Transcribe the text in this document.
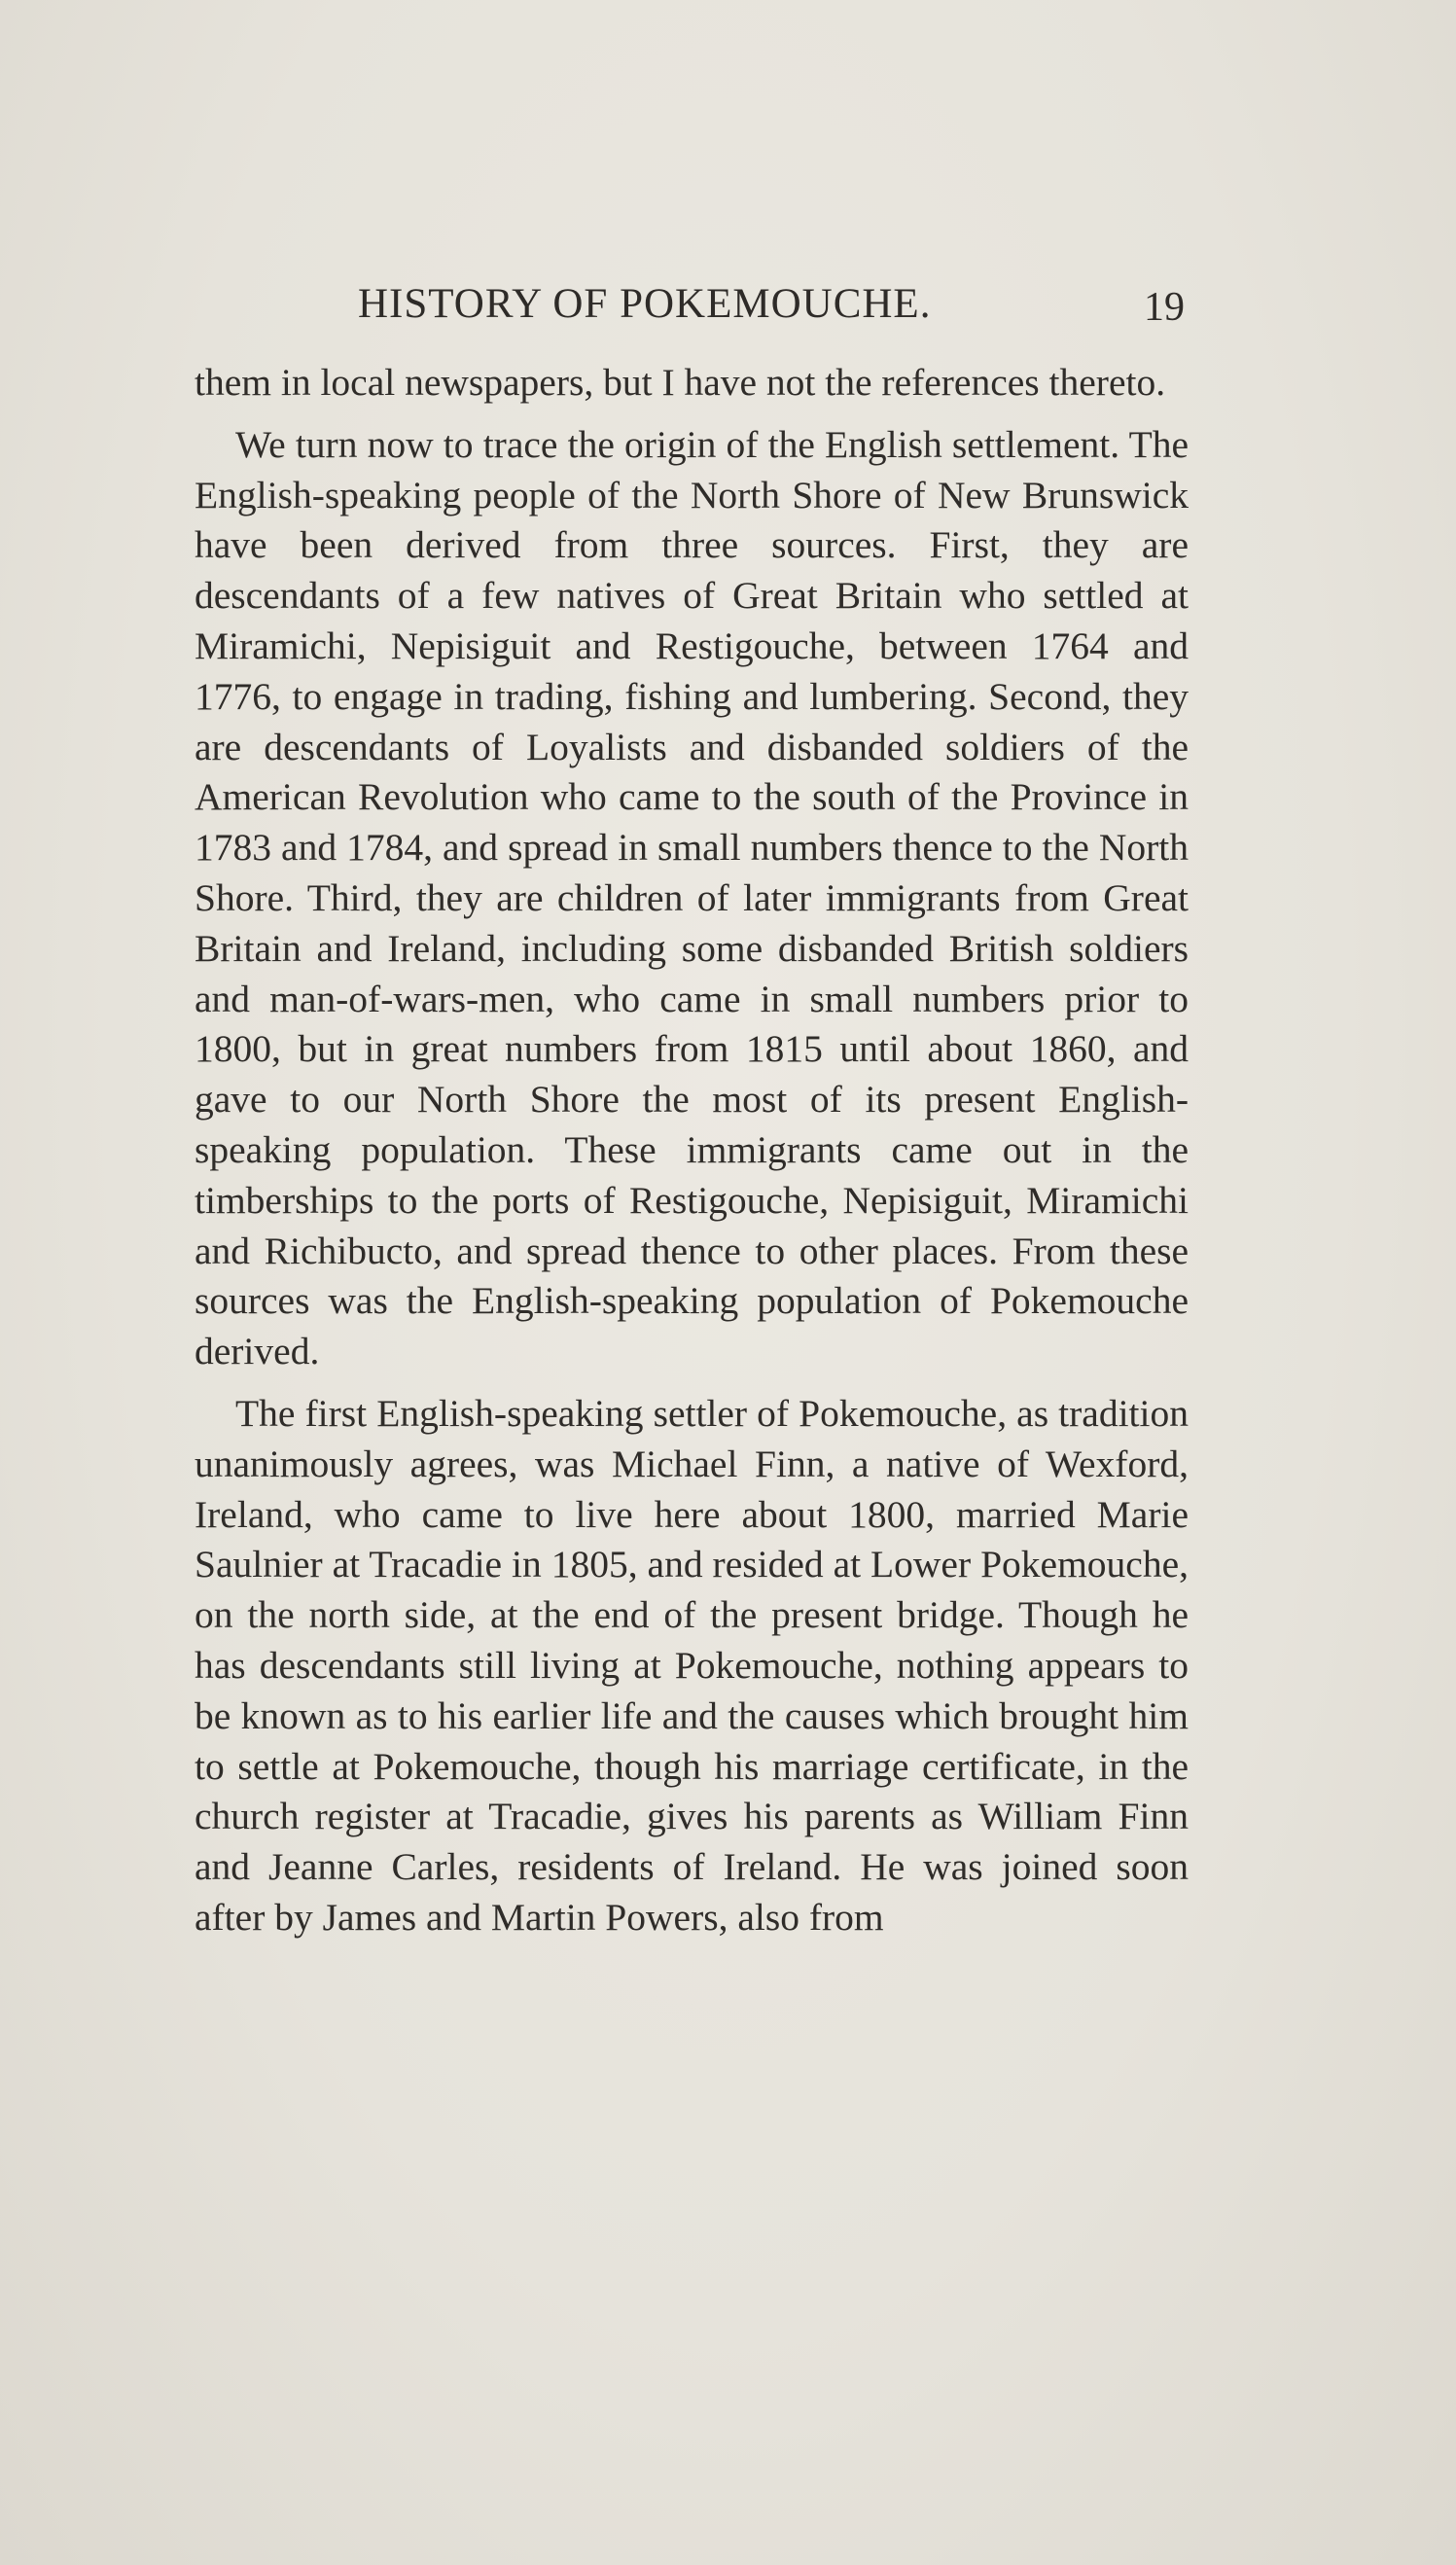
HISTORY OF POKEMOUCHE.	19

them in local newspapers, but I have not the references thereto.

We turn now to trace the origin of the English settlement. The English-speaking people of the North Shore of New Brunswick have been derived from three sources. First, they are descendants of a few natives of Great Britain who settled at Miramichi, Nepisiguit and Restigouche, between 1764 and 1776, to engage in trading, fishing and lumbering. Second, they are descendants of Loyalists and disbanded soldiers of the American Revolution who came to the south of the Province in 1783 and 1784, and spread in small numbers thence to the North Shore. Third, they are children of later immigrants from Great Britain and Ireland, including some disbanded British soldiers and man-of-wars-men, who came in small numbers prior to 1800, but in great numbers from 1815 until about 1860, and gave to our North Shore the most of its present English-speaking population. These immigrants came out in the timberships to the ports of Restigouche, Nepisiguit, Miramichi and Richibucto, and spread thence to other places. From these sources was the English-speaking population of Pokemouche derived.

The first English-speaking settler of Pokemouche, as tradition unanimously agrees, was Michael Finn, a native of Wexford, Ireland, who came to live here about 1800, married Marie Saulnier at Tracadie in 1805, and resided at Lower Pokemouche, on the north side, at the end of the present bridge. Though he has descendants still living at Pokemouche, nothing appears to be known as to his earlier life and the causes which brought him to settle at Pokemouche, though his marriage certificate, in the church register at Tracadie, gives his parents as William Finn and Jeanne Carles, residents of Ireland. He was joined soon after by James and Martin Powers, also from
